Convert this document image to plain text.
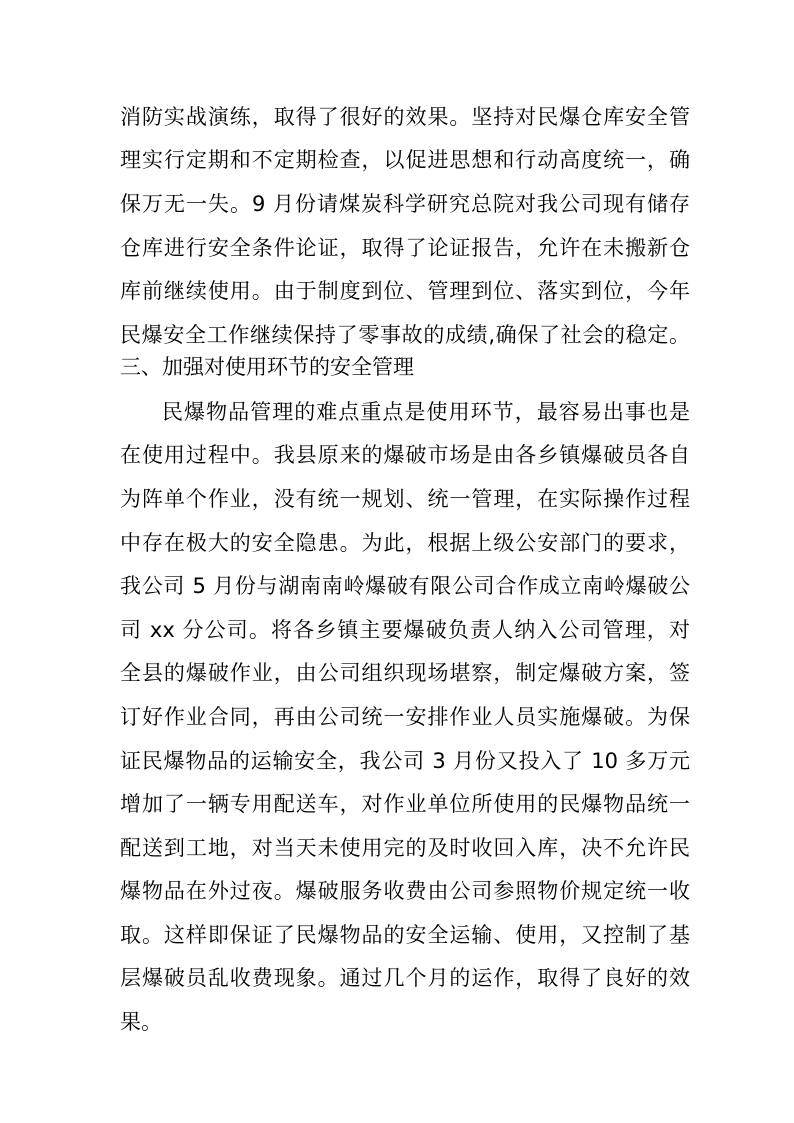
消防实战演练，取得了很好的效果。坚持对民爆仓库安全管
理实行定期和不定期检查，以促进思想和行动高度统一，确
保万无一失。9 月份请煤炭科学研究总院对我公司现有储存
仓库进行安全条件论证，取得了论证报告，允许在未搬新仓
库前继续使用。由于制度到位、管理到位、落实到位，今年
民爆安全工作继续保持了零事故的成绩,确保了社会的稳定。
三、加强对使用环节的安全管理
民爆物品管理的难点重点是使用环节，最容易出事也是
在使用过程中。我县原来的爆破市场是由各乡镇爆破员各自
为阵单个作业，没有统一规划、统一管理，在实际操作过程
中存在极大的安全隐患。为此，根据上级公安部门的要求，
我公司 5 月份与湖南南岭爆破有限公司合作成立南岭爆破公
司 xx 分公司。将各乡镇主要爆破负责人纳入公司管理，对
全县的爆破作业，由公司组织现场堪察，制定爆破方案，签
订好作业合同，再由公司统一安排作业人员实施爆破。为保
证民爆物品的运输安全，我公司 3 月份又投入了 10 多万元
增加了一辆专用配送车，对作业单位所使用的民爆物品统一
配送到工地，对当天未使用完的及时收回入库，决不允许民
爆物品在外过夜。爆破服务收费由公司参照物价规定统一收
取。这样即保证了民爆物品的安全运输、使用，又控制了基
层爆破员乱收费现象。通过几个月的运作，取得了良好的效
果。
